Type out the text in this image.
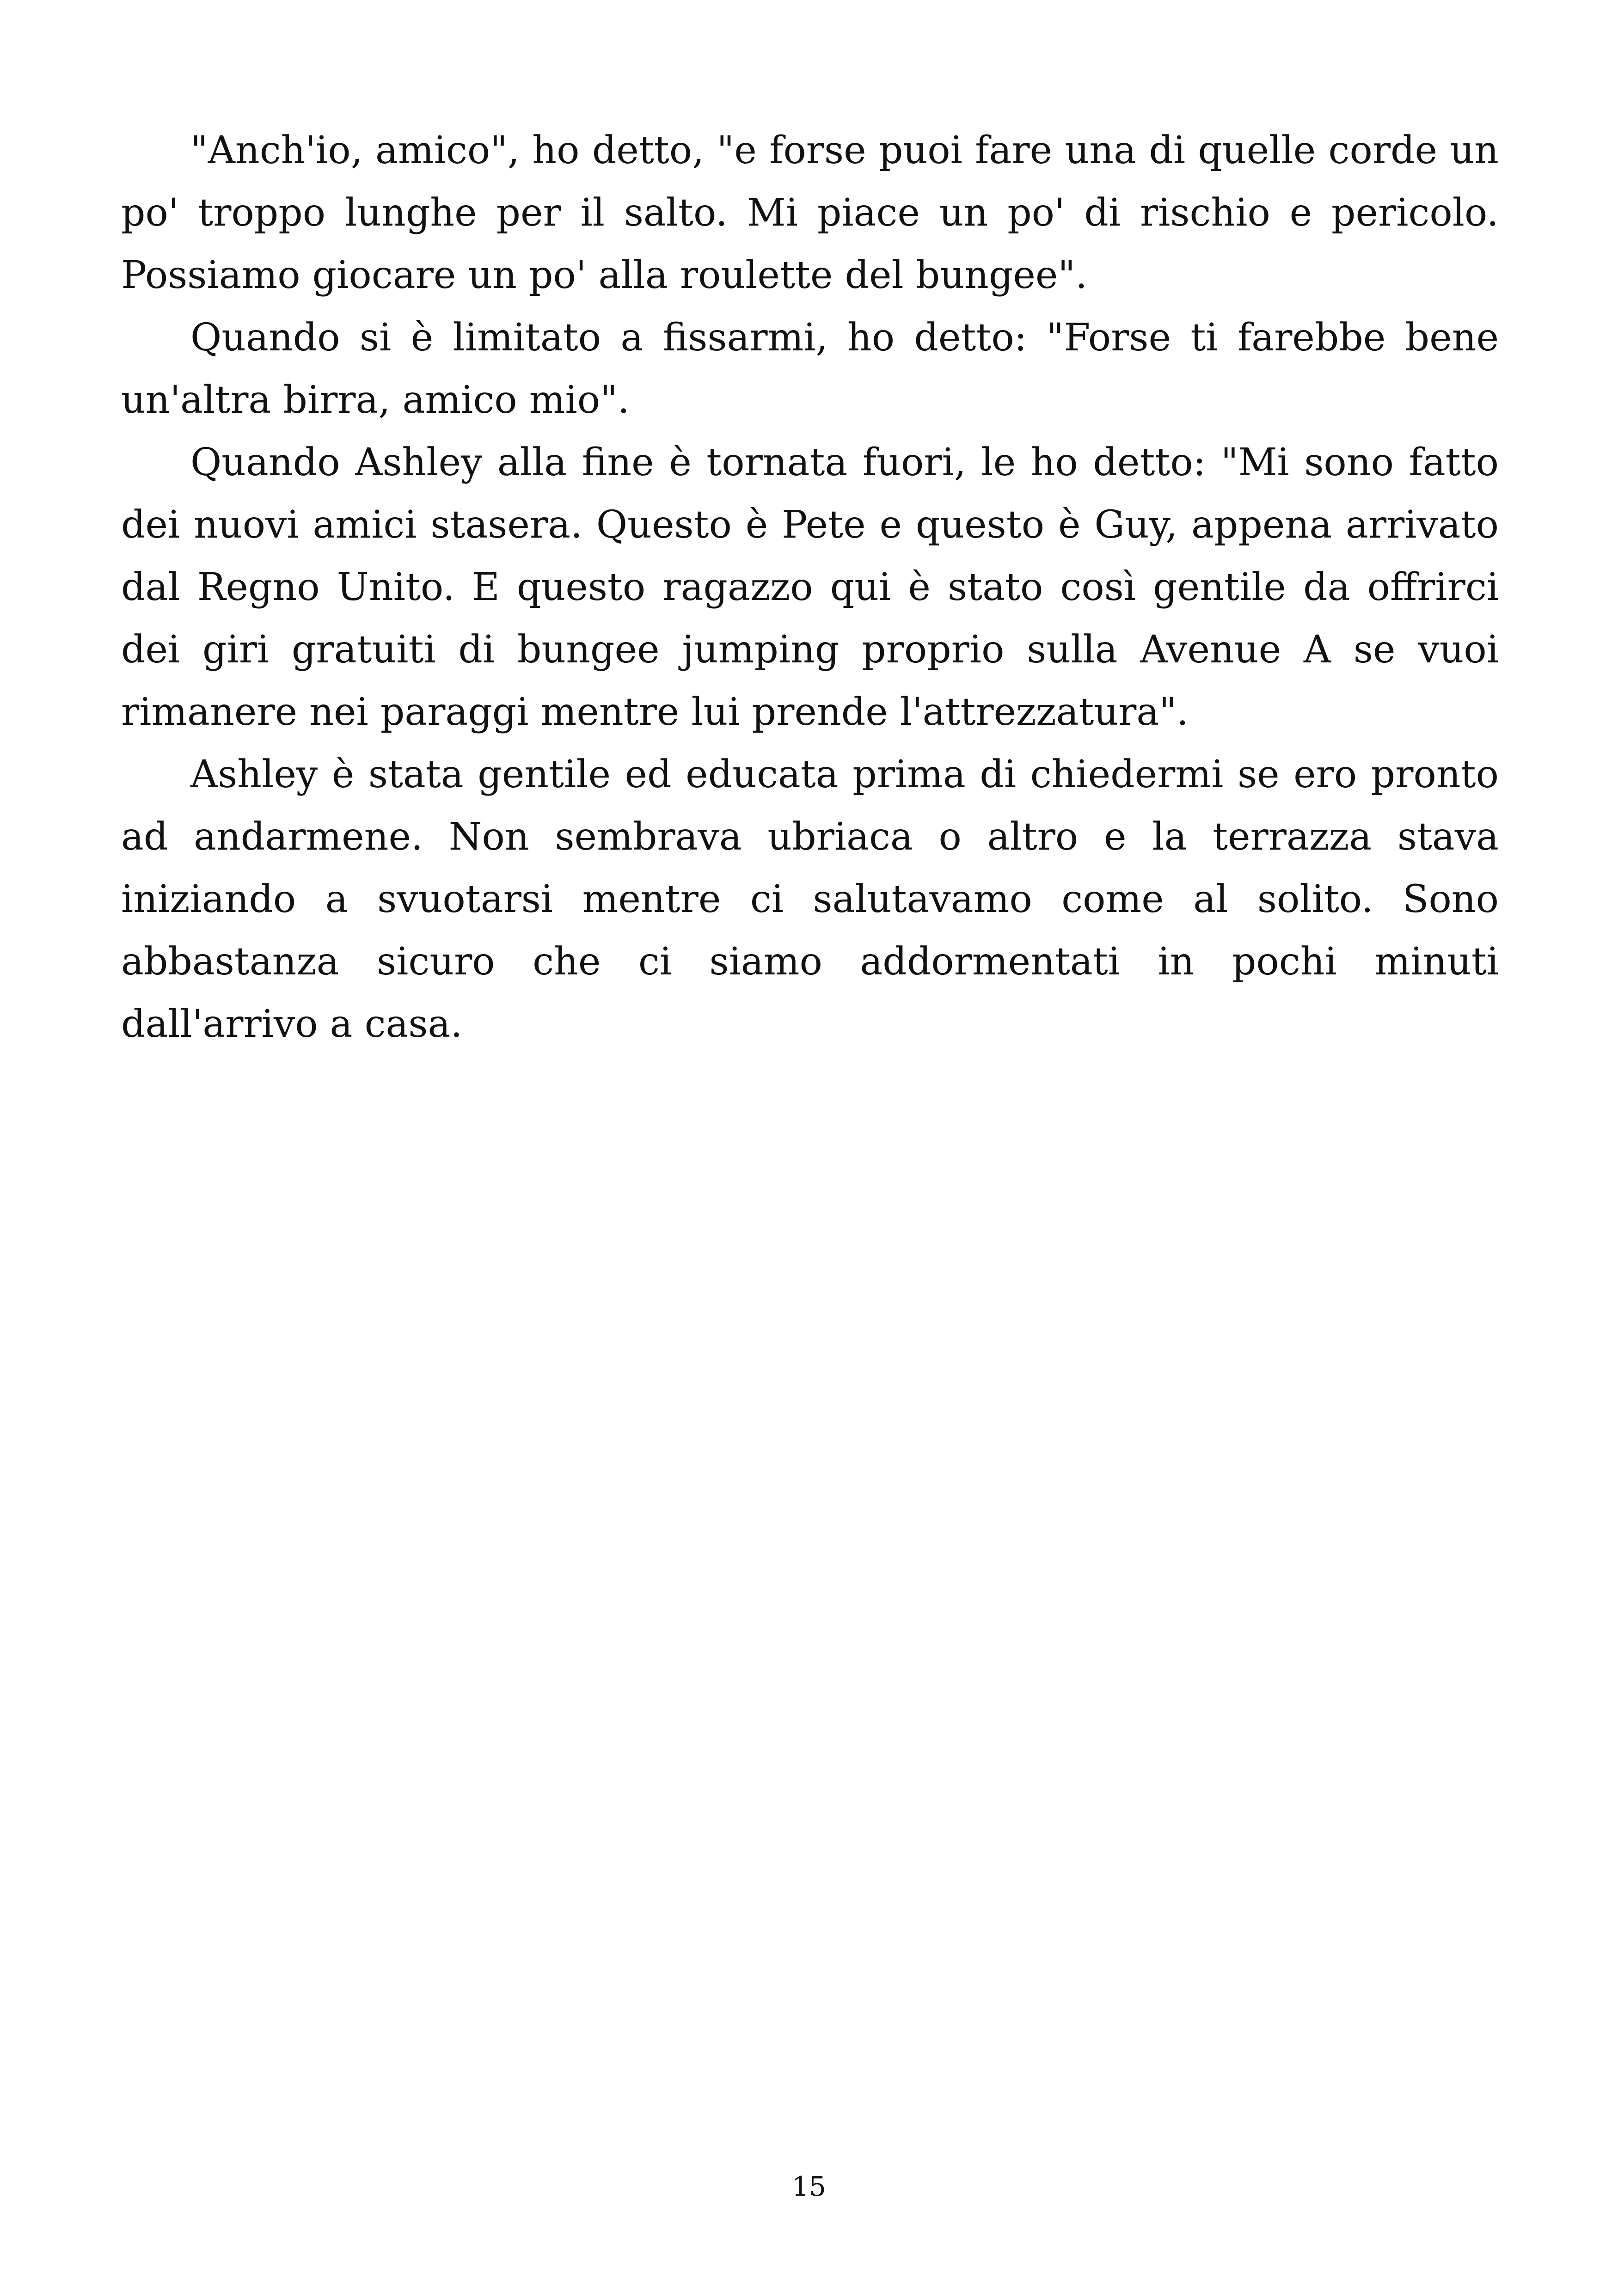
"Anch'io, amico", ho detto, "e forse puoi fare una di quelle corde un po' troppo lunghe per il salto. Mi piace un po' di rischio e pericolo. Possiamo giocare un po' alla roulette del bungee".

Quando si è limitato a fissarmi, ho detto: "Forse ti farebbe bene un'altra birra, amico mio".

Quando Ashley alla fine è tornata fuori, le ho detto: "Mi sono fatto dei nuovi amici stasera. Questo è Pete e questo è Guy, appena arrivato dal Regno Unito. E questo ragazzo qui è stato così gentile da offrirci dei giri gratuiti di bungee jumping proprio sulla Avenue A se vuoi rimanere nei paraggi mentre lui prende l'attrezzatura".

Ashley è stata gentile ed educata prima di chiedermi se ero pronto ad andarmene. Non sembrava ubriaca o altro e la terrazza stava iniziando a svuotarsi mentre ci salutavamo come al solito. Sono abbastanza sicuro che ci siamo addormentati in pochi minuti dall'arrivo a casa.

15
